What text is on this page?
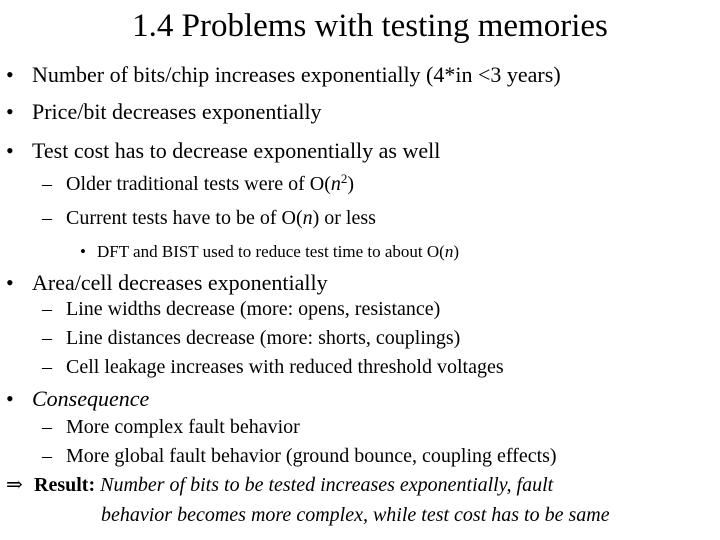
1.4 Problems with testing memories
• Number of bits/chip increases exponentially (4*in <3 years)
• Price/bit decreases exponentially
• Test cost has to decrease exponentially as well
– Older traditional tests were of $O(n^2)$
– Current tests have to be of O(n) or less
• DFT and BIST used to reduce test time to about O(n)
• Area/cell decreases exponentially
– Line widths decrease (more: opens, resistance)
– Line distances decrease (more: shorts, couplings)
– Cell leakage increases with reduced threshold voltages
• Consequence
– More complex fault behavior
– More global fault behavior (ground bounce, coupling effects)
⇒ Result: Number of bits to be tested increases exponentially, fault
behavior becomes more complex, while test cost has to be same
